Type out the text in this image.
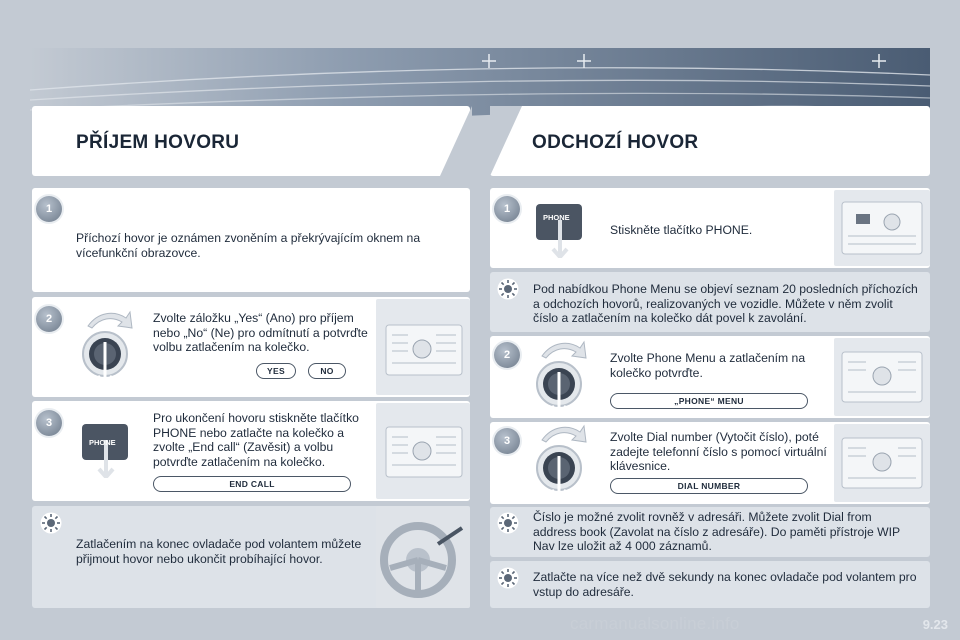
PŘÍJEM HOVORU	ODCHOZÍ HOVOR
1
Příchozí hovor je oznámen zvoněním a překrývajícím oknem na vícefunkční obrazovce.
2	Zvolte záložku „Yes“ (Ano) pro příjem nebo „No“ (Ne) pro odmítnutí a potvrďte volbu zatlačením na kolečko.
YES	NO
3
PHONE
Pro ukončení hovoru stiskněte tlačítko PHONE nebo zatlačte na kolečko a zvolte „End call“ (Zavěsit) a volbu potvrďte zatlačením na kolečko.
END CALL
Zatlačením na konec ovladače pod volantem můžete přijmout hovor nebo ukončit probíhající hovor.
1
PHONE
Stiskněte tlačítko PHONE.
Pod nabídkou Phone Menu se objeví seznam 20 posledních příchozích a odchozích hovorů, realizovaných ve vozidle. Můžete v něm zvolit číslo a zatlačením na kolečko dát povel k zavolání.
2	Zvolte Phone Menu a zatlačením na kolečko potvrďte.
„PHONE“ MENU
3	Zvolte Dial number (Vytočit číslo), poté zadejte telefonní číslo s pomocí virtuální klávesnice.
DIAL NUMBER
Číslo je možné zvolit rovněž v adresáři. Můžete zvolit Dial from address book (Zavolat na číslo z adresáře). Do paměti přístroje WIP Nav lze uložit až 4 000 záznamů.
Zatlačte na více než dvě sekundy na konec ovladače pod volantem pro vstup do adresáře.
9.23
carmanualsonline.info
